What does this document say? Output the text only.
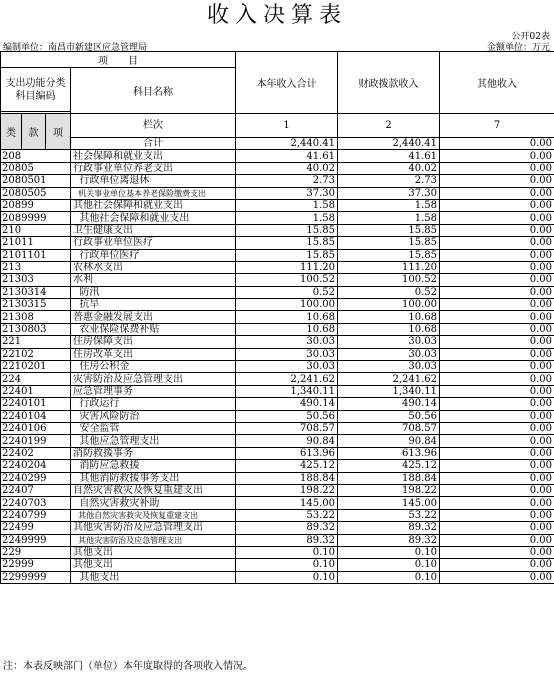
收入决算表
公开02表
编制单位：南昌市新建区应急管理局	金额单位：万元
项　　目				本年收入合计	财政拨款收入	其他收入
支出功能分类科目编码			科目名称			

类	款	项	栏次	1	2	7
			合计	2,440.41	2,440.41	0.00
208			社会保障和就业支出	41.61	41.61	0.00
20805			行政事业单位养老支出	40.02	40.02	0.00
2080501			行政单位离退休	2.73	2.73	0.00
2080505			机关事业单位基本养老保险缴费支出	37.30	37.30	0.00
20899			其他社会保障和就业支出	1.58	1.58	0.00
2089999			其他社会保障和就业支出	1.58	1.58	0.00
210			卫生健康支出	15.85	15.85	0.00
21011			行政事业单位医疗	15.85	15.85	0.00
2101101			行政单位医疗	15.85	15.85	0.00
213			农林水支出	111.20	111.20	0.00
21303			水利	100.52	100.52	0.00
2130314			防汛	0.52	0.52	0.00
2130315			抗旱	100.00	100.00	0.00
21308			普惠金融发展支出	10.68	10.68	0.00
2130803			农业保险保费补贴	10.68	10.68	0.00
221			住房保障支出	30.03	30.03	0.00
22102			住房改革支出	30.03	30.03	0.00
2210201			住房公积金	30.03	30.03	0.00
224			灾害防治及应急管理支出	2,241.62	2,241.62	0.00
22401			应急管理事务	1,340.11	1,340.11	0.00
2240101			行政运行	490.14	490.14	0.00
2240104			灾害风险防治	50.56	50.56	0.00
2240106			安全监管	708.57	708.57	0.00
2240199			其他应急管理支出	90.84	90.84	0.00
22402			消防救援事务	613.96	613.96	0.00
2240204			消防应急救援	425.12	425.12	0.00
2240299			其他消防救援事务支出	188.84	188.84	0.00
22407			自然灾害救灾及恢复重建支出	198.22	198.22	0.00
2240703			自然灾害救灾补助	145.00	145.00	0.00
2240799			其他自然灾害救灾及恢复重建支出	53.22	53.22	0.00
22499			其他灾害防治及应急管理支出	89.32	89.32	0.00
2249999			其他灾害防治及应急管理支出	89.32	89.32	0.00
229			其他支出	0.10	0.10	0.00
22999			其他支出	0.10	0.10	0.00
2299999			其他支出	0.10	0.10	0.00
注：本表反映部门（单位）本年度取得的各项收入情况。
